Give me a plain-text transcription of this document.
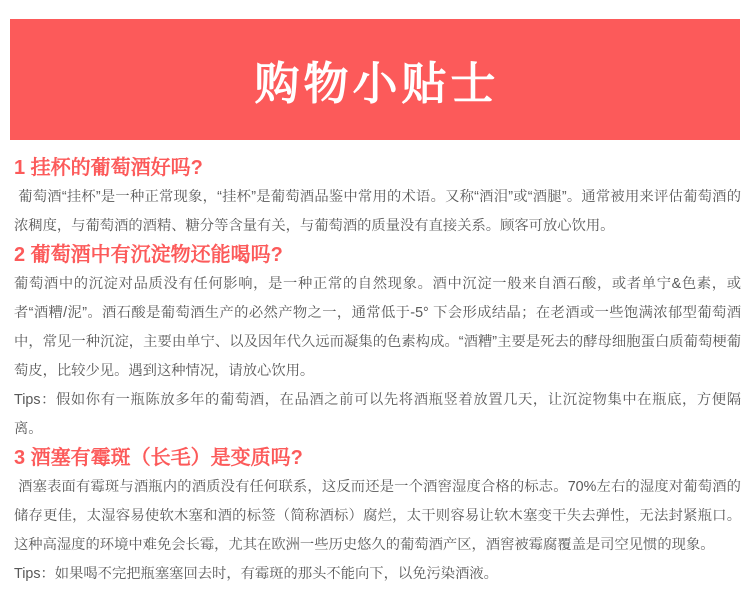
购物小贴士
1 挂杯的葡萄酒好吗?

葡萄酒“挂杯”是一种正常现象，“挂杯”是葡萄酒品鉴中常用的术语。又称“酒泪”或“酒腿”。通常被用来评估葡萄酒的浓稠度，与葡萄酒的酒精、糖分等含量有关，与葡萄酒的质量没有直接关系。顾客可放心饮用。

2 葡萄酒中有沉淀物还能喝吗?

葡萄酒中的沉淀对品质没有任何影响，是一种正常的自然现象。酒中沉淀一般来自酒石酸，或者单宁&色素，或者“酒糟/泥”。酒石酸是葡萄酒生产的必然产物之一，通常低于-5° 下会形成结晶；在老酒或一些饱满浓郁型葡萄酒中，常见一种沉淀，主要由单宁、以及因年代久远而凝集的色素构成。“酒糟”主要是死去的酵母细胞蛋白质葡萄梗葡萄皮，比较少见。遇到这种情况，请放心饮用。

Tips：假如你有一瓶陈放多年的葡萄酒，在品酒之前可以先将酒瓶竖着放置几天，让沉淀物集中在瓶底，方便隔离。

3 酒塞有霉斑（长毛）是变质吗?

酒塞表面有霉斑与酒瓶内的酒质没有任何联系，这反而还是一个酒窖湿度合格的标志。70%左右的湿度对葡萄酒的储存更佳，太湿容易使软木塞和酒的标签（简称酒标）腐烂，太干则容易让软木塞变干失去弹性，无法封紧瓶口。这种高湿度的环境中难免会长霉，尤其在欧洲一些历史悠久的葡萄酒产区，酒窖被霉腐覆盖是司空见惯的现象。

Tips：如果喝不完把瓶塞塞回去时，有霉斑的那头不能向下，以免污染酒液。
